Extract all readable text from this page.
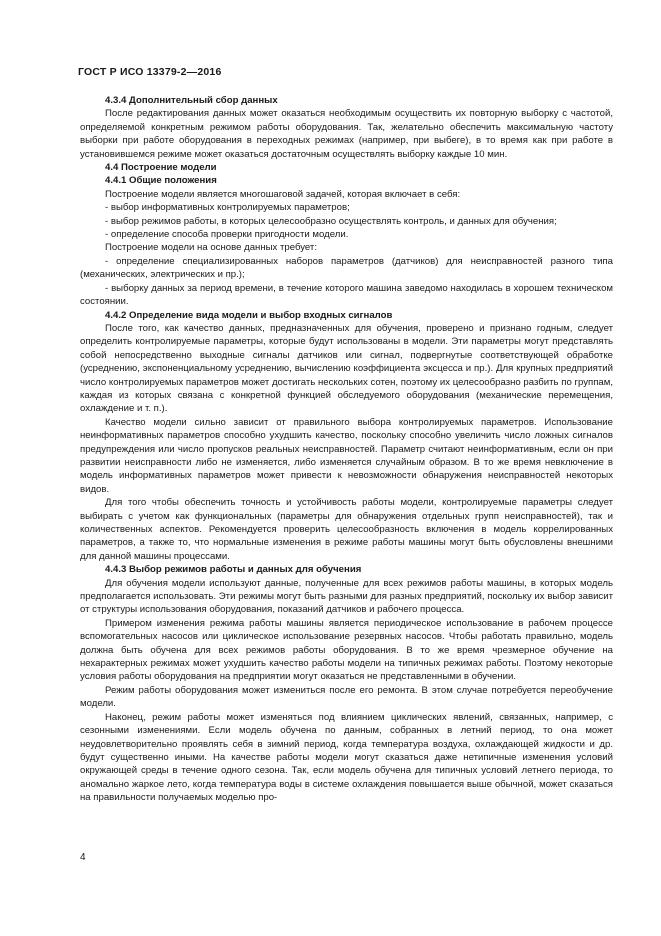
ГОСТ Р ИСО 13379-2—2016

4.3.4 Дополнительный сбор данных

После редактирования данных может оказаться необходимым осуществить их повторную выборку с частотой, определяемой конкретным режимом работы оборудования. Так, желательно обеспечить максимальную частоту выборки при работе оборудования в переходных режимах (например, при выбеге), в то время как при работе в установившемся режиме может оказаться достаточным осуществлять выборку каждые 10 мин.

4.4 Построение модели

4.4.1 Общие положения

Построение модели является многошаговой задачей, которая включает в себя:

- выбор информативных контролируемых параметров;

- выбор режимов работы, в которых целесообразно осуществлять контроль, и данных для обучения;

- определение способа проверки пригодности модели.

Построение модели на основе данных требует:

- определение специализированных наборов параметров (датчиков) для неисправностей разного типа (механических, электрических и пр.);

- выборку данных за период времени, в течение которого машина заведомо находилась в хорошем техническом состоянии.

4.4.2 Определение вида модели и выбор входных сигналов

После того, как качество данных, предназначенных для обучения, проверено и признано годным, следует определить контролируемые параметры, которые будут использованы в модели. Эти параметры могут представлять собой непосредственно выходные сигналы датчиков или сигнал, подвергнутые соответствующей обработке (усреднению, экспоненциальному усреднению, вычислению коэффициента эксцесса и пр.). Для крупных предприятий число контролируемых параметров может достигать нескольких сотен, поэтому их целесообразно разбить по группам, каждая из которых связана с конкретной функцией обследуемого оборудования (механические перемещения, охлаждение и т. п.).

Качество модели сильно зависит от правильного выбора контролируемых параметров. Использование неинформативных параметров способно ухудшить качество, поскольку способно увеличить число ложных сигналов предупреждения или число пропусков реальных неисправностей. Параметр считают неинформативным, если он при развитии неисправности либо не изменяется, либо изменяется случайным образом. В то же время невключение в модель информативных параметров может привести к невозможности обнаружения неисправностей некоторых видов.

Для того чтобы обеспечить точность и устойчивость работы модели, контролируемые параметры следует выбирать с учетом как функциональных (параметры для обнаружения отдельных групп неисправностей), так и количественных аспектов. Рекомендуется проверить целесообразность включения в модель коррелированных параметров, а также то, что нормальные изменения в режиме работы машины могут быть обусловлены внешними для данной машины процессами.

4.4.3 Выбор режимов работы и данных для обучения

Для обучения модели используют данные, полученные для всех режимов работы машины, в которых модель предполагается использовать. Эти режимы могут быть разными для разных предприятий, поскольку их выбор зависит от структуры использования оборудования, показаний датчиков и рабочего процесса.

Примером изменения режима работы машины является периодическое использование в рабочем процессе вспомогательных насосов или циклическое использование резервных насосов. Чтобы работать правильно, модель должна быть обучена для всех режимов работы оборудования. В то же время чрезмерное обучение на нехарактерных режимах может ухудшить качество работы модели на типичных режимах работы. Поэтому некоторые условия работы оборудования на предприятии могут оказаться не представленными в обучении.

Режим работы оборудования может измениться после его ремонта. В этом случае потребуется переобучение модели.

Наконец, режим работы может изменяться под влиянием циклических явлений, связанных, например, с сезонными изменениями. Если модель обучена по данным, собранных в летний период, то она может неудовлетворительно проявлять себя в зимний период, когда температура воздуха, охлаждающей жидкости и др. будут существенно иными. На качестве работы модели могут сказаться даже нетипичные изменения условий окружающей среды в течение одного сезона. Так, если модель обучена для типичных условий летнего периода, то аномально жаркое лето, когда температура воды в системе охлаждения повышается выше обычной, может сказаться на правильности получаемых моделью про-

4
